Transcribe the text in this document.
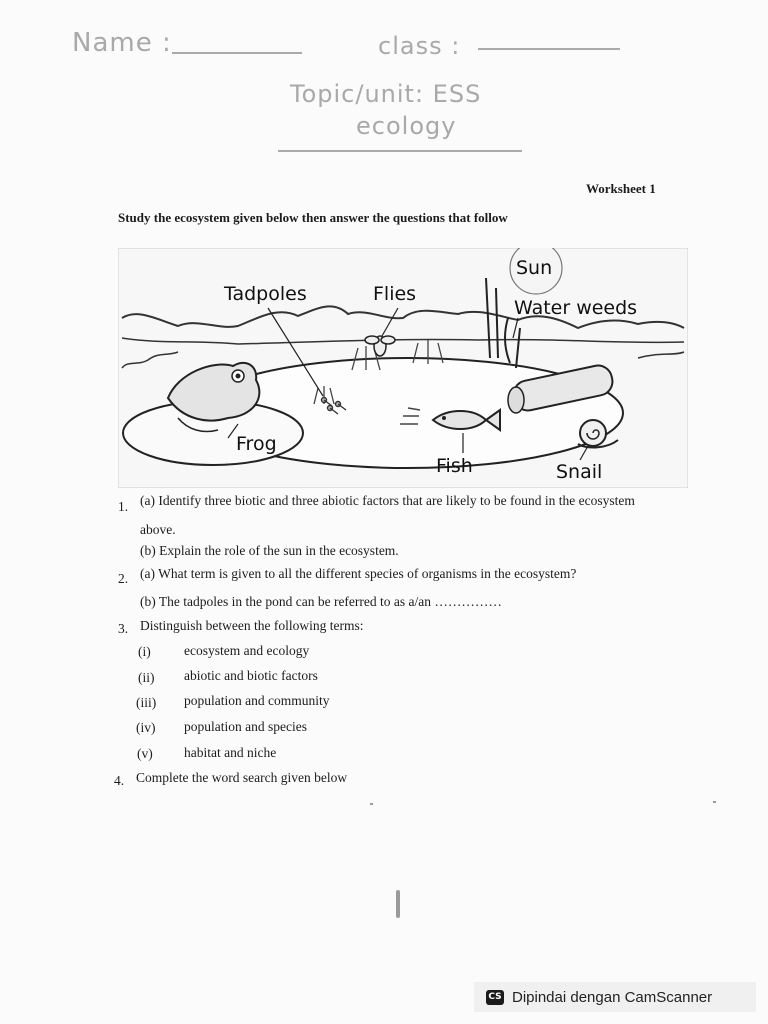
Name :	class :
Topic/unit: ESS
ecology
Worksheet 1
Study the ecosystem given below then answer the questions that follow
Sun
Tadpoles	Flies
Water weeds
Frog
Fish	Snail
1. (a) Identify three biotic and three abiotic factors that are likely to be found in the ecosystem
above.
(b) Explain the role of the sun in the ecosystem.
2. (a) What term is given to all the different species of organisms in the ecosystem?
(b) The tadpoles in the pond can be referred to as a/an ……………
3. Distinguish between the following terms:
(i) ecosystem and ecology
(ii) abiotic and biotic factors
(iii) population and community
(iv) population and species
(v) habitat and niche
4. Complete the word search given below
CS Dipindai dengan CamScanner
